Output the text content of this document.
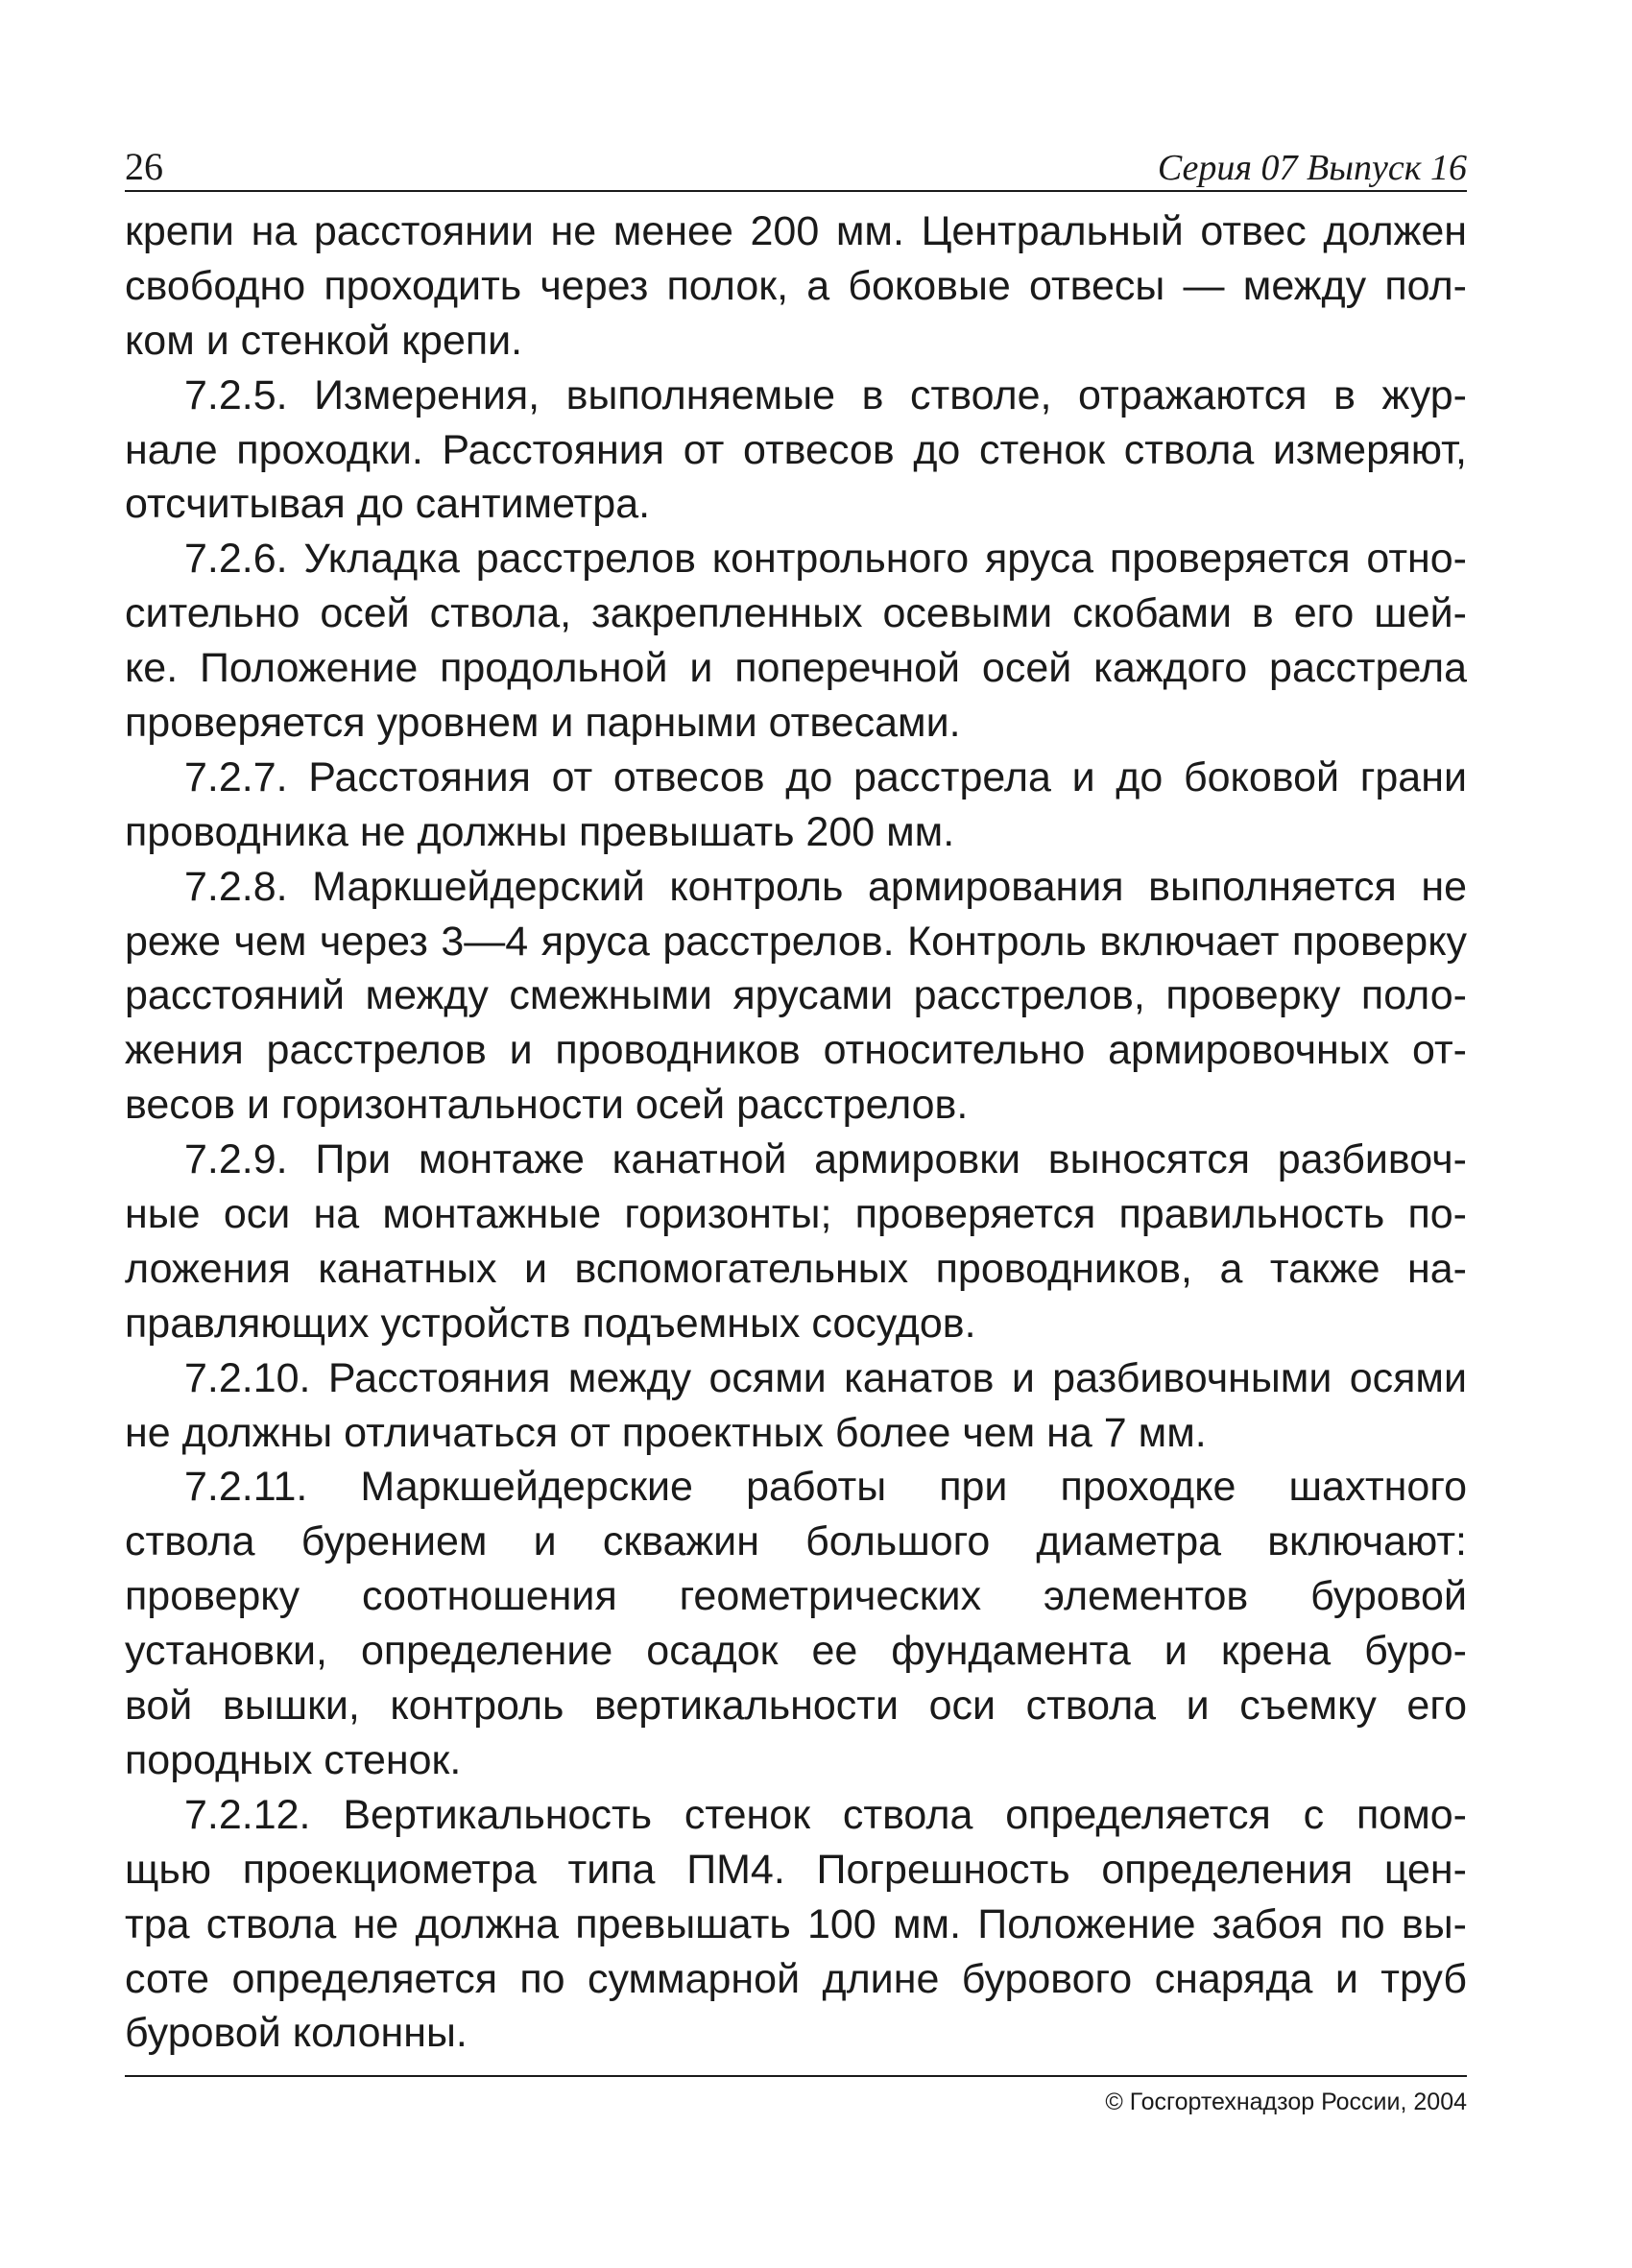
26	Серия 07 Выпуск 16
крепи на расстоянии не менее 200 мм. Центральный отвес должен
свободно проходить через полок, а боковые отвесы — между пол-
ком и стенкой крепи.
7.2.5. Измерения, выполняемые в стволе, отражаются в жур-
нале проходки. Расстояния от отвесов до стенок ствола измеряют,
отсчитывая до сантиметра.
7.2.6. Укладка расстрелов контрольного яруса проверяется отно-
сительно осей ствола, закрепленных осевыми скобами в его шей-
ке. Положение продольной и поперечной осей каждого расстрела
проверяется уровнем и парными отвесами.
7.2.7. Расстояния от отвесов до расстрела и до боковой грани
проводника не должны превышать 200 мм.
7.2.8. Маркшейдерский контроль армирования выполняется не
реже чем через 3—4 яруса расстрелов. Контроль включает проверку
расстояний между смежными ярусами расстрелов, проверку поло-
жения расстрелов и проводников относительно армировочных от-
весов и горизонтальности осей расстрелов.
7.2.9. При монтаже канатной армировки выносятся разбивоч-
ные оси на монтажные горизонты; проверяется правильность по-
ложения канатных и вспомогательных проводников, а также на-
правляющих устройств подъемных сосудов.
7.2.10. Расстояния между осями канатов и разбивочными осями
не должны отличаться от проектных более чем на 7 мм.
7.2.11. Маркшейдерские работы при проходке шахтного
ствола бурением и скважин большого диаметра включают:
проверку соотношения геометрических элементов буровой
установки, определение осадок ее фундамента и крена буро-
вой вышки, контроль вертикальности оси ствола и съемку его
породных стенок.
7.2.12. Вертикальность стенок ствола определяется с помо-
щью проекциометра типа ПМ4. Погрешность определения цен-
тра ствола не должна превышать 100 мм. Положение забоя по вы-
соте определяется по суммарной длине бурового снаряда и труб
буровой колонны.
© Госгортехнадзор России, 2004
